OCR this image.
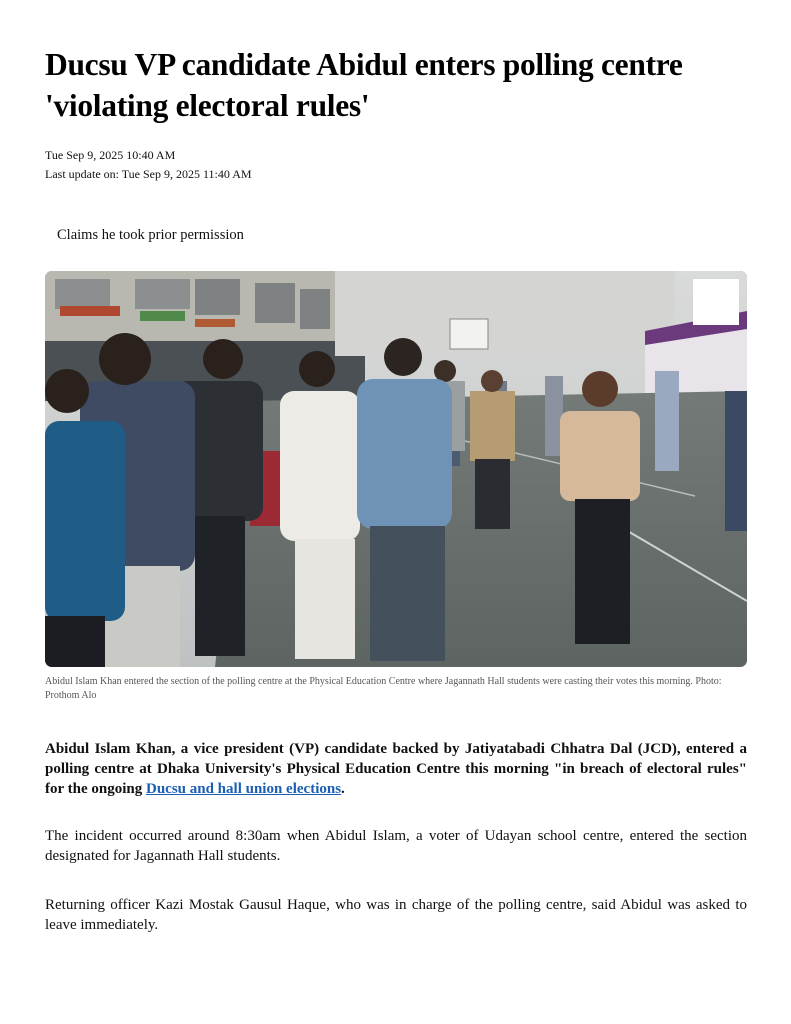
Ducsu VP candidate Abidul enters polling centre 'violating electoral rules'
Tue Sep 9, 2025 10:40 AM
Last update on: Tue Sep 9, 2025 11:40 AM
Claims he took prior permission
Abidul Islam Khan entered the section of the polling centre at the Physical Education Centre where Jagannath Hall students were casting their votes this morning. Photo: Prothom Alo

Abidul Islam Khan, a vice president (VP) candidate backed by Jatiyatabadi Chhatra Dal (JCD), entered a polling centre at Dhaka University's Physical Education Centre this morning "in breach of electoral rules" for the ongoing Ducsu and hall union elections.

The incident occurred around 8:30am when Abidul Islam, a voter of Udayan school centre, entered the section designated for Jagannath Hall students.

Returning officer Kazi Mostak Gausul Haque, who was in charge of the polling centre, said Abidul was asked to leave immediately.
